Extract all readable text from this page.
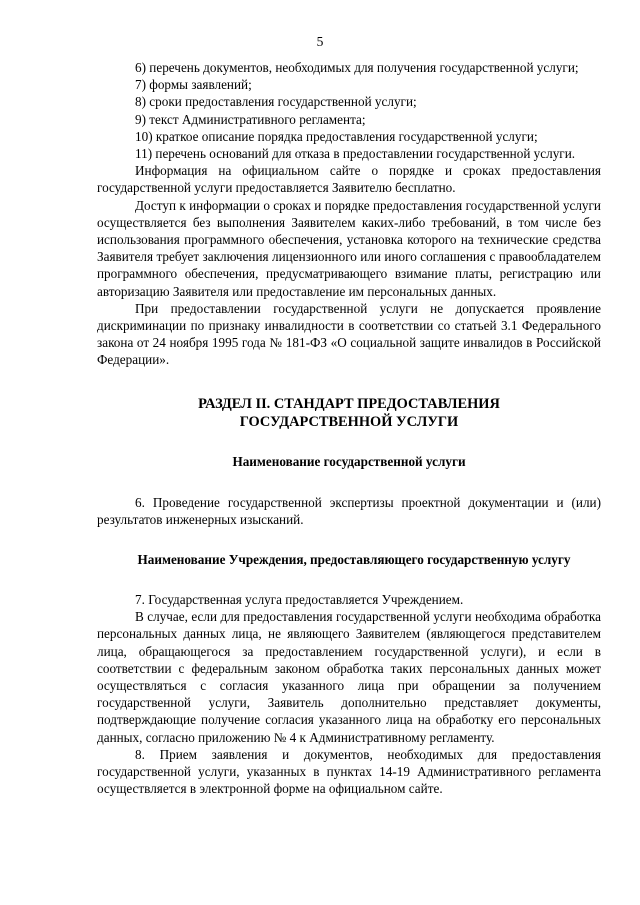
5

6) перечень документов, необходимых для получения государственной услуги;

7) формы заявлений;

8) сроки предоставления государственной услуги;

9) текст Административного регламента;

10) краткое описание порядка предоставления государственной услуги;

11) перечень оснований для отказа в предоставлении государственной услуги.

Информация на официальном сайте о порядке и сроках предоставления государственной услуги предоставляется Заявителю бесплатно.

Доступ к информации о сроках и порядке предоставления государственной услуги осуществляется без выполнения Заявителем каких-либо требований, в том числе без использования программного обеспечения, установка которого на технические средства Заявителя требует заключения лицензионного или иного соглашения с правообладателем программного обеспечения, предусматривающего взимание платы, регистрацию или авторизацию Заявителя или предоставление им персональных данных.

При предоставлении государственной услуги не допускается проявление дискриминации по признаку инвалидности в соответствии со статьей 3.1 Федерального закона от 24 ноября 1995 года № 181-ФЗ «О социальной защите инвалидов в Российской Федерации».

РАЗДЕЛ II. СТАНДАРТ ПРЕДОСТАВЛЕНИЯ
ГОСУДАРСТВЕННОЙ УСЛУГИ
Наименование государственной услуги

6. Проведение государственной экспертизы проектной документации и (или) результатов инженерных изысканий.

Наименование Учреждения, предоставляющего государственную услугу

7. Государственная услуга предоставляется Учреждением.

В случае, если для предоставления государственной услуги необходима обработка персональных данных лица, не являющего Заявителем (являющегося представителем лица, обращающегося за предоставлением государственной услуги), и если в соответствии с федеральным законом обработка таких персональных данных может осуществляться с согласия указанного лица при обращении за получением государственной услуги, Заявитель дополнительно представляет документы, подтверждающие получение согласия указанного лица на обработку его персональных данных, согласно приложению № 4 к Административному регламенту.

8. Прием заявления и документов, необходимых для предоставления государственной услуги, указанных в пунктах 14-19 Административного регламента осуществляется в электронной форме на официальном сайте.
